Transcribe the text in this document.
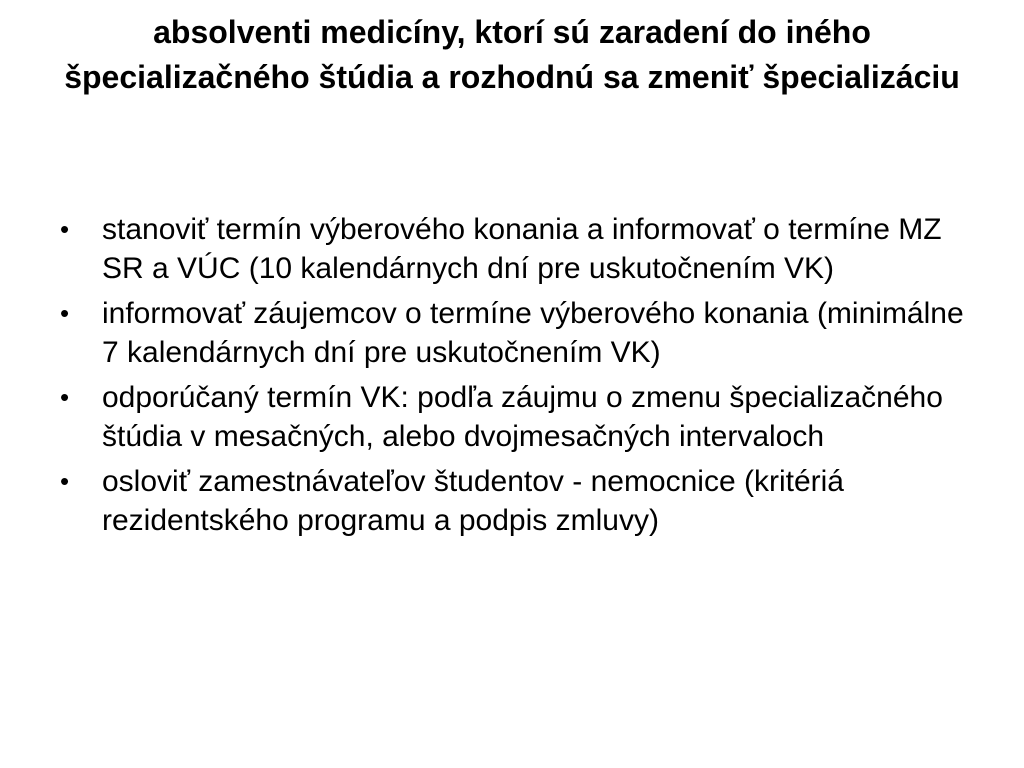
absolventi medicíny, ktorí sú zaradení do iného špecializačného štúdia a rozhodnú sa zmeniť špecializáciu
• stanoviť termín výberového konania a informovať o termíne MZ SR a VÚC (10 kalendárnych dní pre uskutočnením VK)
• informovať záujemcov o termíne výberového konania (minimálne 7 kalendárnych dní pre uskutočnením VK)
• odporúčaný termín VK: podľa záujmu o zmenu špecializačného štúdia v mesačných, alebo dvojmesačných intervaloch
• osloviť zamestnávateľov študentov - nemocnice (kritériá rezidentského programu a podpis zmluvy)
